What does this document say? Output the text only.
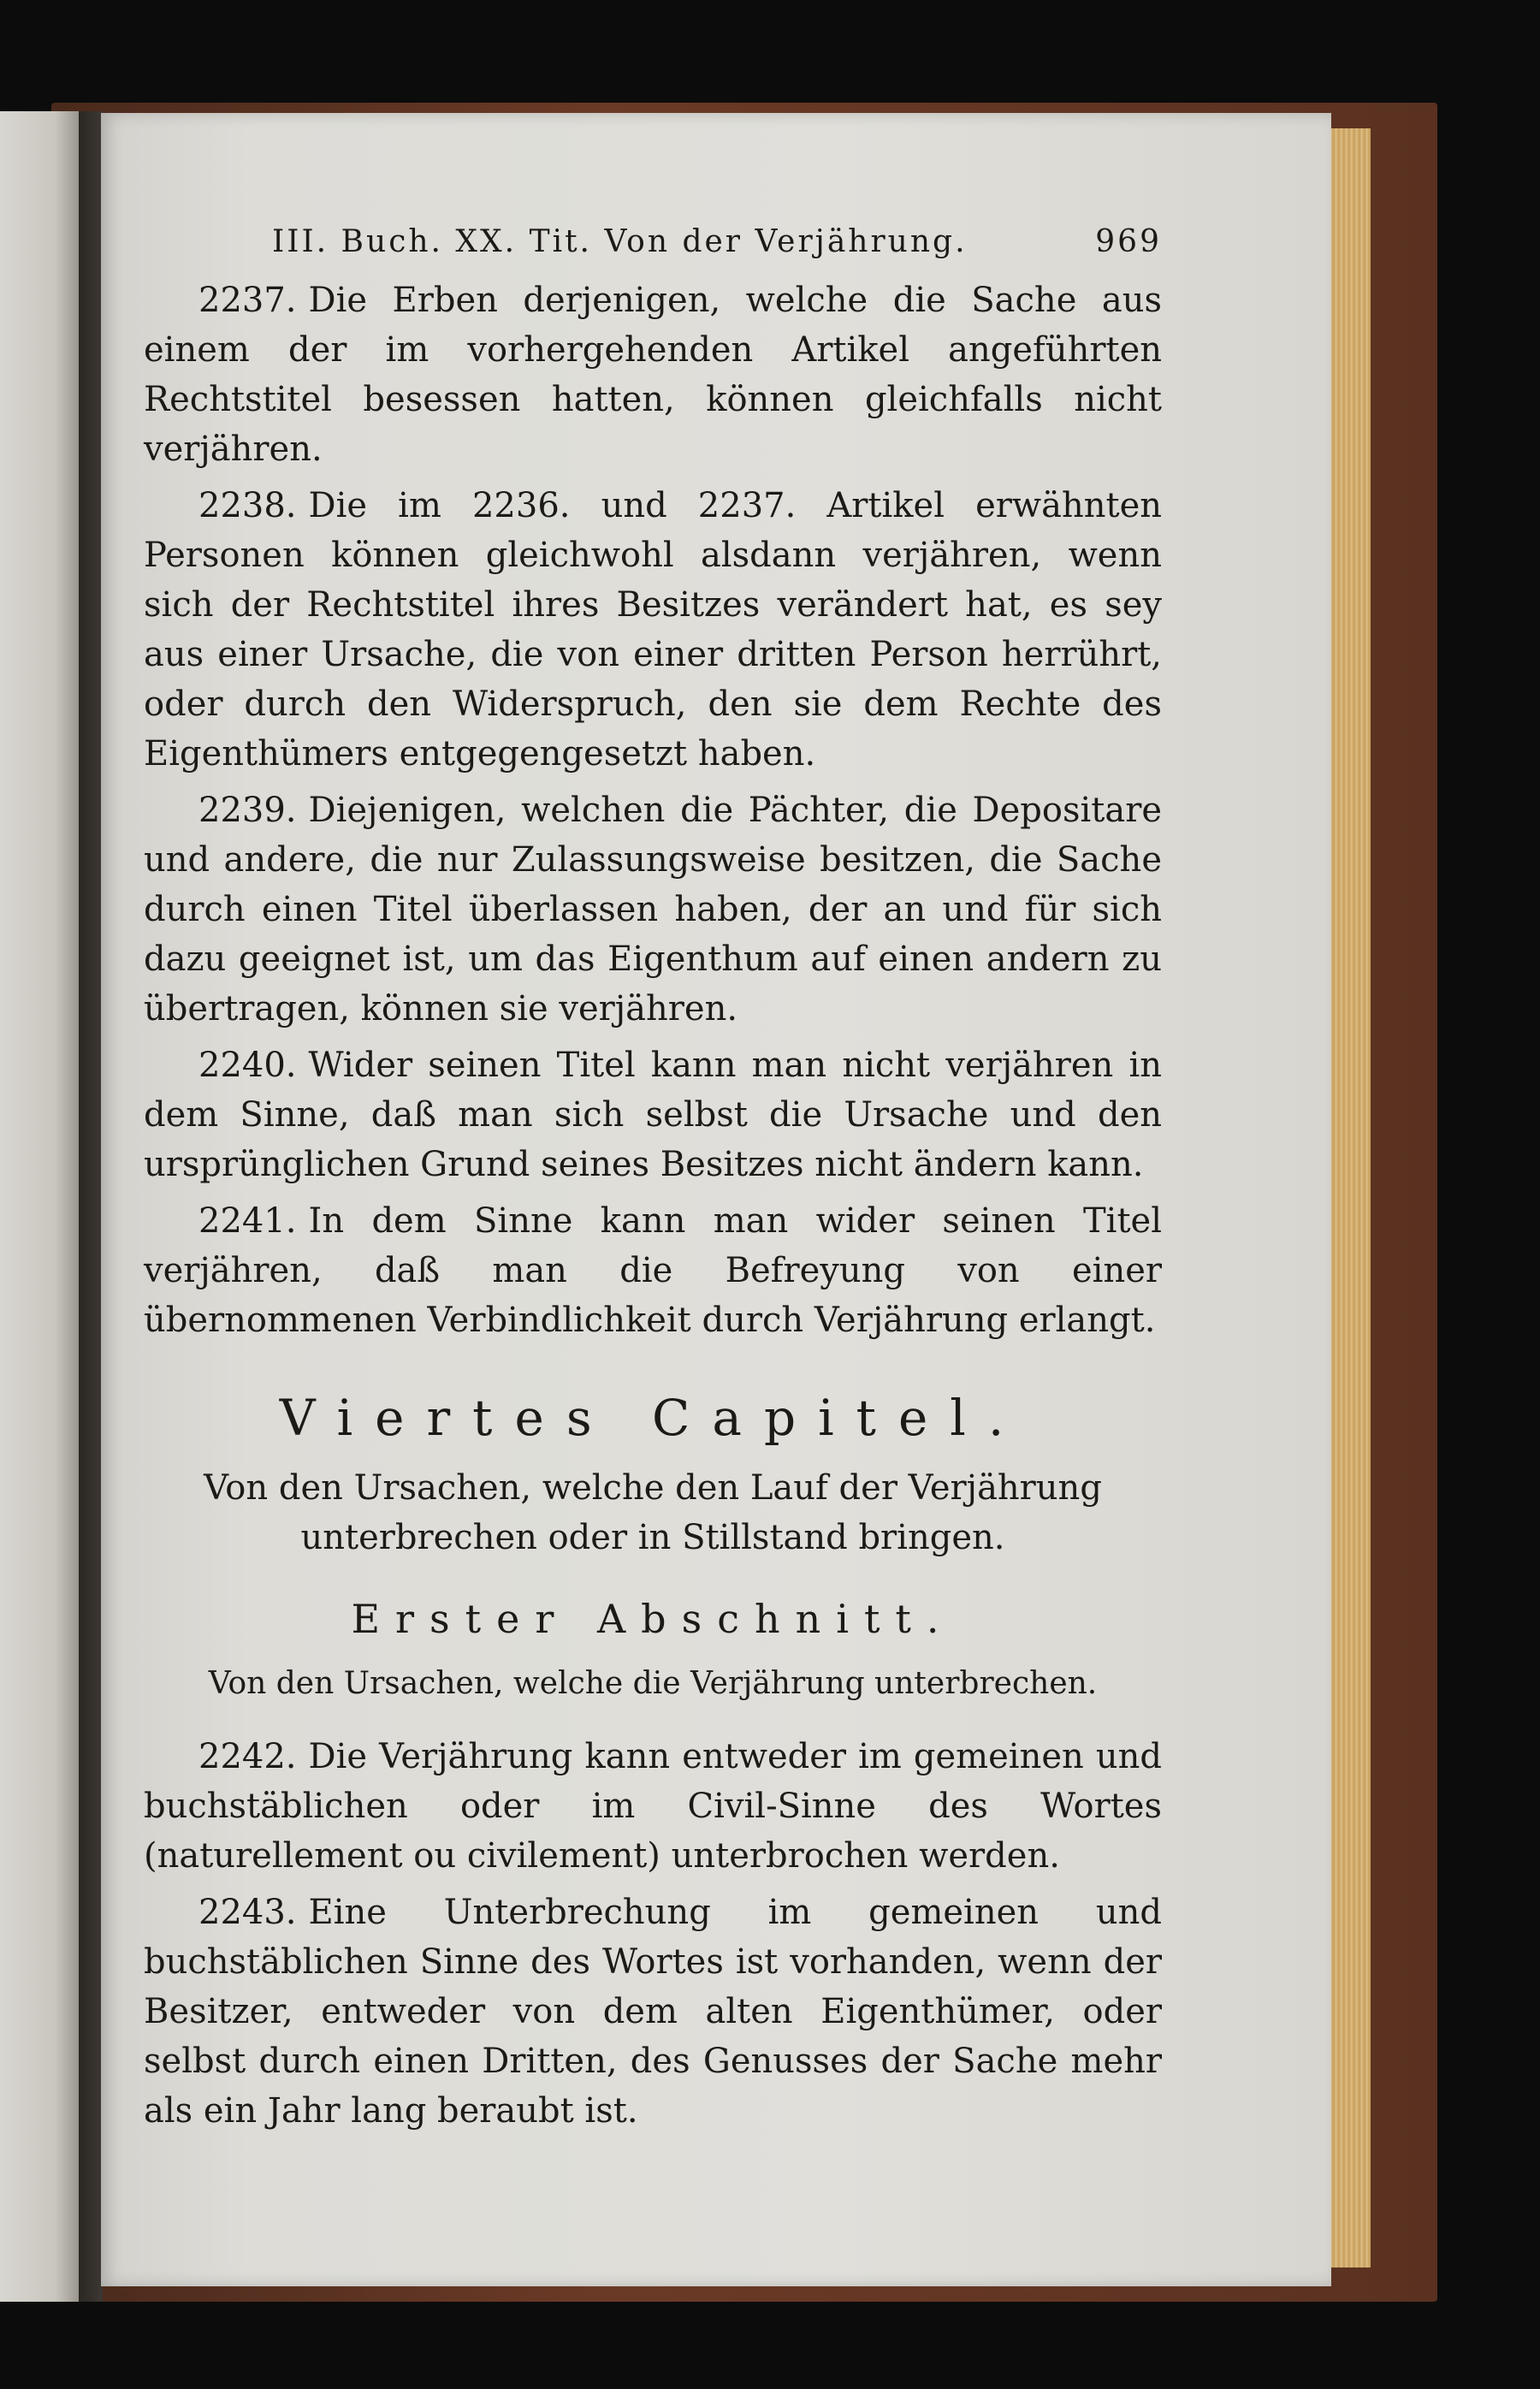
III. Buch. XX. Tit. Von der Verjährung.	969

2237. Die Erben derjenigen, welche die Sache aus einem der im vorhergehenden Artikel angeführten Rechtstitel besessen hatten, können gleichfalls nicht verjähren.

2238. Die im 2236. und 2237. Artikel erwähnten Personen können gleichwohl alsdann verjähren, wenn sich der Rechtstitel ihres Besitzes verändert hat, es sey aus einer Ursache, die von einer dritten Person herrührt, oder durch den Widerspruch, den sie dem Rechte des Eigenthümers entgegengesetzt haben.

2239. Diejenigen, welchen die Pächter, die Depositare und andere, die nur Zulassungsweise besitzen, die Sache durch einen Titel überlassen haben, der an und für sich dazu geeignet ist, um das Eigenthum auf einen andern zu übertragen, können sie verjähren.

2240. Wider seinen Titel kann man nicht verjähren in dem Sinne, daß man sich selbst die Ursache und den ursprünglichen Grund seines Besitzes nicht ändern kann.

2241. In dem Sinne kann man wider seinen Titel verjähren, daß man die Befreyung von einer übernommenen Verbindlichkeit durch Verjährung erlangt.

Viertes Capitel.
Von den Ursachen, welche den Lauf der Verjährung unterbrechen oder in Stillstand bringen.
Erster Abschnitt.
Von den Ursachen, welche die Verjährung unterbrechen.

2242. Die Verjährung kann entweder im gemeinen und buchstäblichen oder im Civil-Sinne des Wortes (naturellement ou civilement) unterbrochen werden.

2243. Eine Unterbrechung im gemeinen und buchstäblichen Sinne des Wortes ist vorhanden, wenn der Besitzer, entweder von dem alten Eigenthümer, oder selbst durch einen Dritten, des Genusses der Sache mehr als ein Jahr lang beraubt ist.
